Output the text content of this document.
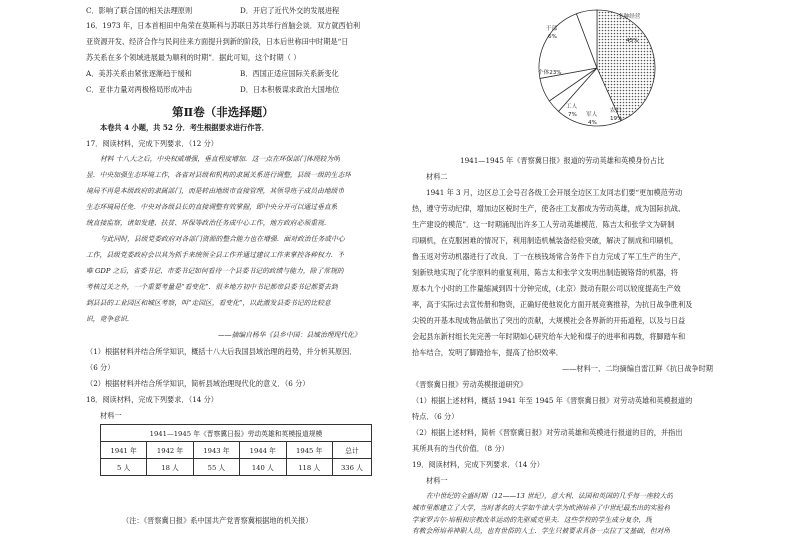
C．影响了联合国的相关法理原则	D．开启了近代外交的发展进程
16．1973 年，日本首相田中角荣在莫斯科与苏联日苏共举行首脑会谈．双方就西伯利
亚资源开发、经济合作与民间往来方面提升到新的阶段，日本后世称田中时期是“日
苏关系在多个领域进展最为顺利的时期”．据此可知，这个时期（ ）
A．美苏关系由紧张逐渐趋于缓和	B．西国正适应国际关系新变化
C．亚非力量对两极格局形成冲击	D．日本积极谋求政治大国地位
第Ⅱ卷（非选择题）
本卷共 4 小题，共 52 分．考生根据要求进行作答．
17．阅读材料，完成下列要求．（12 分）
材料 十八大之后，中央权威增强，垂直程度增加．这一点在环保部门体现较为明
显．中央加强生态环境工作，各省对县级和机构的隶属关系进行调整，县级一级的生态环
境局不再是本级政府的隶属部门，而是转由地级市直接管理，其领导班子成员由地级市
生态环境局任免．中央对各级县长的直接调整有效掌握，即中央分开可以通过垂直系
统直接监察，诸如发建、扶贫、环保等政治任务成中心工作，地方政府必须重视．
与此同时，县级党委政府对各部门资源的整合能力也在增强．面对政治任务或中心
工作，县级党委政府会以其为抓手来统领全县工作并通过建议工作来掌控各种权力．不
唯 GDP 之后，省委书记、市委书记如何看待一个县委书记的政绩与能力，除了常规的
考核过关之外，一个重要考量是“看变化”．很多地方初中书记都帝县委书记都要去到
到县县的工业园区和城区考察，叫“走园区，看变化”，以此激发县委书记的比较意
识，竞争意识．
——摘编自杨华《县乡中国：县域治理现代化》
（1）根据材料并结合所学知识，概括十八大后我国县域治理的趋势，并分析其原因．
（6 分）
（2）根据材料并结合所学知识，简析县域治理现代化的意义．（6 分）
18．阅读材料，完成下列要求．（14 分）
材料一
1941—1945 年《晋察冀日报》劳动英雄和英模报道规模					
1941 年	1942 年	1943 年	1944 年	1945 年	总计
5 人	18 人	55 人	140 人	118 人	336 人
（注：《晋察冀日报》系中国共产党晋察冀根据地的机关报）
干部
6%
多种经营
45%
个体23%
工人
7% 军人
4%
农妇
19%
1941—1945 年《晋察冀日报》报道的劳动英雄和英模身份占比
材料二
1941 年 3 月，边区总工会号召各级工会开展全边区工友同志们要“更加模范劳动
热，遵守劳动纪律，增加边区税时生产，使各庄工友都成为劳动英雄，成为国际抗战、
生产建设的模范”．这一时期涌现出许多工人劳动英雄模范．陈吉太和张学文为研制
印刷机，在克服困难的情况下，利用制造机械装备经验突破，解决了制成和印刷机，
鲁玉返对劳动机器进行了改良．丁一在核钱场常合务件下自力完成了军工生产的生产，
刻新铁地实现了化学原料的重复利用，陈吉太和张学文发明出制造镀铬背的机器，将
原本九个小时的工作量缩减到四十分钟完成，(北京）鼓动有限公司以较度提高生产效
率，高于实际过去宣传册和物资，正确好使他说化方面开展竞赛推荐，为抗日战争胜利及
尖锐的开基本现成物品做出了突出的贡献，大规模社会各界新的开拓道程，以及与日益
会起县东新村组长先完善一年时期如心研究给车大轮和煤子的进率和再数，将脚踏车和
拾车结合，发明了脚踏拾车，提高了拾织效率．
——材料一、二均摘编自雷江鲜《抗日战争时期
《晋察冀日报》劳动英模报道研究》
（1）根据上述材料，概括 1941 年至 1945 年《晋察冀日报》对劳动英雄和英模报道的
特点．（6 分）
（2）根据上述材料，简析《晋察冀日报》对劳动英雄和英模进行报道的目的，并指出
其所具有的当代价值．（8 分）
19．阅读材料，完成下列要求．（14 分）
材料一
在中世纪的全盛时期（12——13 世纪），意大利、法国和英国的几乎每一座较大的
城市里都建立了大学，当时著名的大学如牛津大学为欧洲培养了中世纪最杰出的实验科
学家罗吉尔·培根和宗教改革运动的先驱威克里夫．这些学校的学生成分复杂，现
有教会所培养神职人员，也有世俗的人士．学生只被要求具备一点拉丁文基础，但对所
